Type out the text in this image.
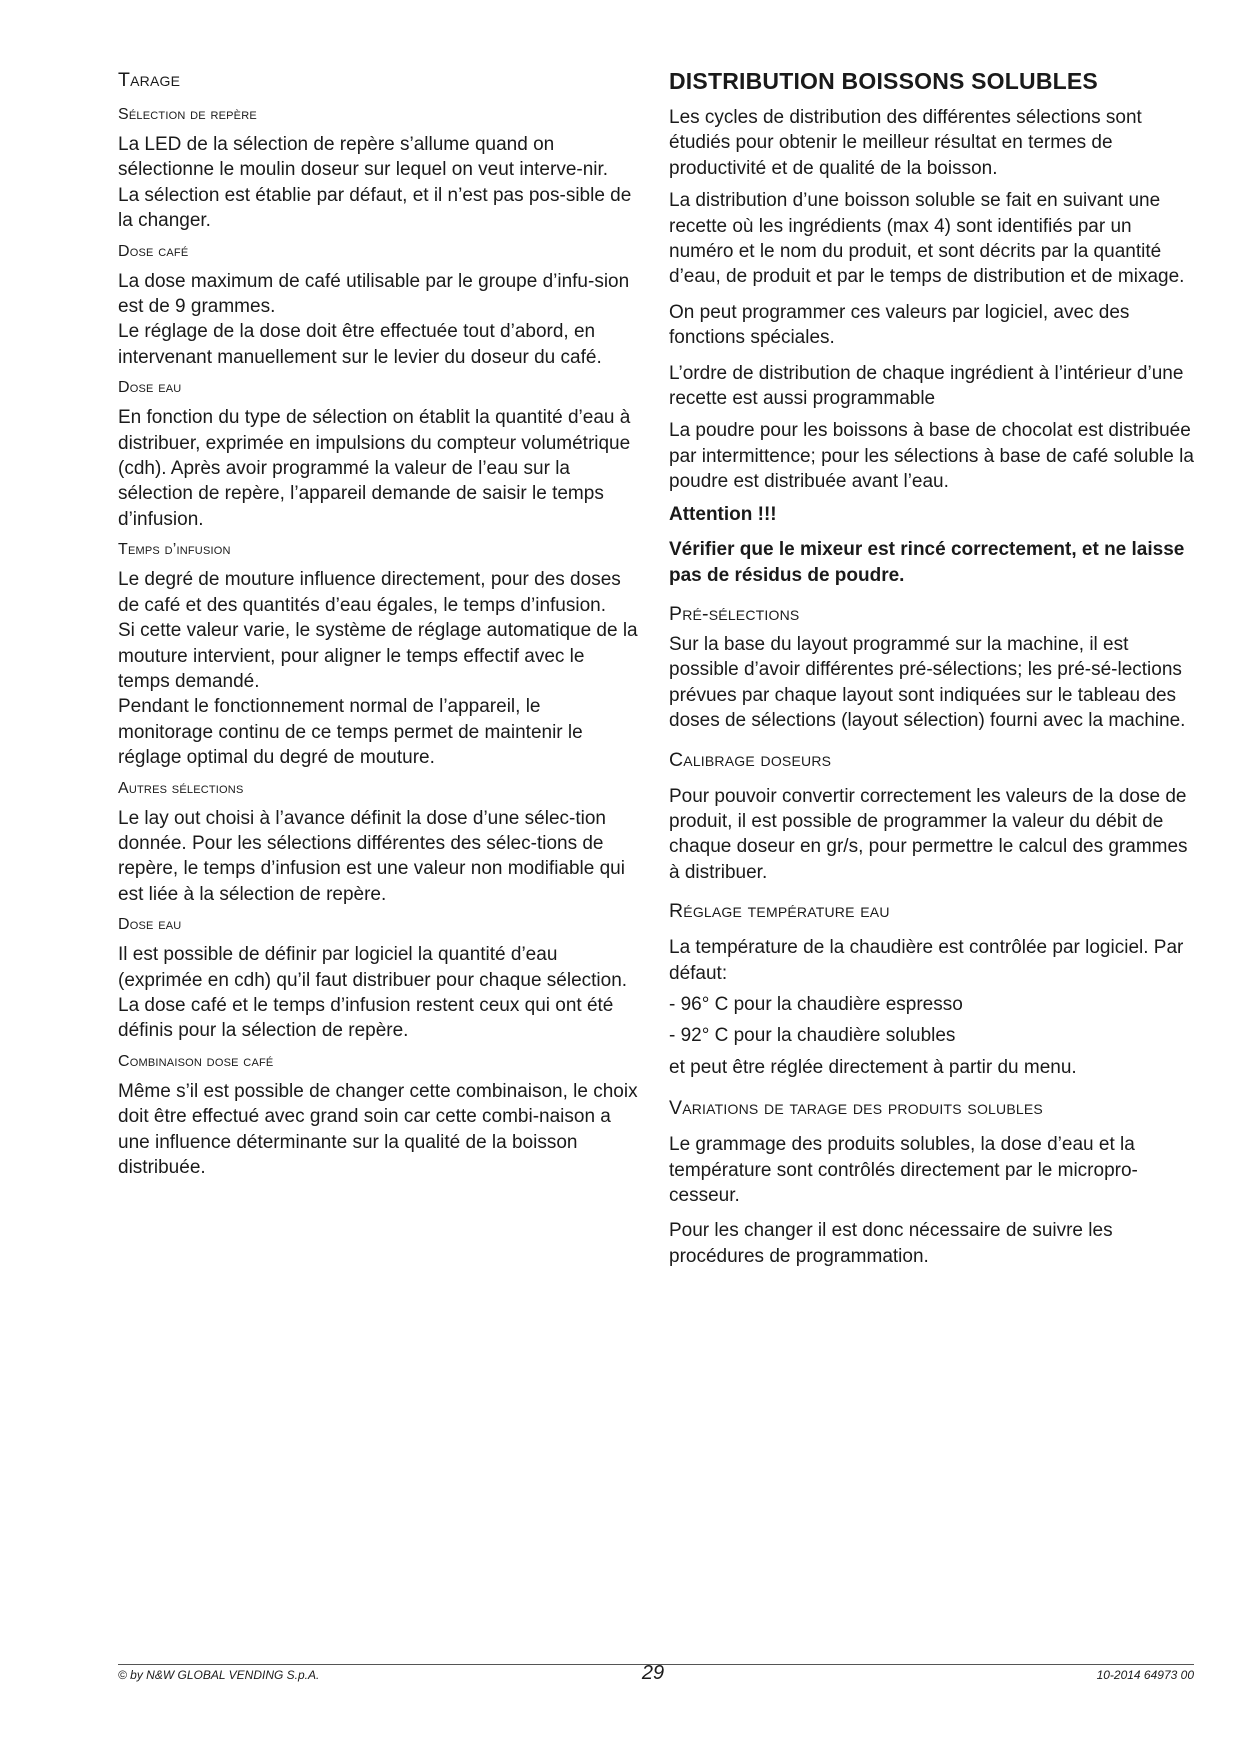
Tarage
Sélection de repère

La LED de la sélection de repère s’allume quand on sélectionne le moulin doseur sur lequel on veut interve-nir.

La sélection est établie par défaut, et il n’est pas pos-sible de la changer.

Dose café

La dose maximum de café utilisable par le groupe d’infu-sion est de 9 grammes.

Le réglage de la dose doit être effectuée tout d’abord, en intervenant manuellement sur le levier du doseur du café.

Dose eau

En fonction du type de sélection on établit la quantité d’eau à distribuer, exprimée en impulsions du compteur volumétrique (cdh). Après avoir programmé la valeur de l’eau sur la sélection de repère, l’appareil demande de saisir le temps d’infusion.

Temps d’infusion

Le degré de mouture influence directement, pour des doses de café et des quantités d’eau égales, le temps d’infusion.

Si cette valeur varie, le système de réglage automatique de la mouture intervient, pour aligner le temps effectif avec le temps demandé.

Pendant le fonctionnement normal de l’appareil, le monitorage continu de ce temps permet de maintenir le réglage optimal du degré de mouture.

Autres sélections

Le lay out choisi à l’avance définit la dose d’une sélec-tion donnée. Pour les sélections différentes des sélec-tions de repère, le temps d’infusion est une valeur non modifiable qui est liée à la sélection de repère.

Dose eau

Il est possible de définir par logiciel la quantité d’eau (exprimée en cdh) qu’il faut distribuer pour chaque sélection. La dose café et le temps d’infusion restent ceux qui ont été définis pour la sélection de repère.

Combinaison dose café

Même s’il est possible de changer cette combinaison, le choix doit être effectué avec grand soin car cette combi-naison a une influence déterminante sur la qualité de la boisson distribuée.

DISTRIBUTION BOISSONS SOLUBLES

Les cycles de distribution des différentes sélections sont étudiés pour obtenir le meilleur résultat en termes de productivité et de qualité de la boisson.

La distribution d’une boisson soluble se fait en suivant une recette où les ingrédients (max 4) sont identifiés par un numéro et le nom du produit, et sont décrits par la quantité d’eau, de produit et par le temps de distribution et de mixage.

On peut programmer ces valeurs par logiciel, avec des fonctions spéciales.

L’ordre de distribution de chaque ingrédient à l’intérieur d’une recette est aussi programmable

La poudre pour les boissons à base de chocolat est distribuée par intermittence; pour les sélections à base de café soluble la poudre est distribuée avant l’eau.

Attention !!!

Vérifier que le mixeur est rincé correctement, et ne laisse pas de résidus de poudre.

Pré-sélections

Sur la base du layout programmé sur la machine, il est possible d’avoir différentes pré-sélections; les pré-sé-lections prévues par chaque layout sont indiquées sur le tableau des doses de sélections (layout sélection) fourni avec la machine.

Calibrage doseurs

Pour pouvoir convertir correctement les valeurs de la dose de produit, il est possible de programmer la valeur du débit de chaque doseur en gr/s, pour permettre le calcul des grammes à distribuer.

Réglage température eau

La température de la chaudière est contrôlée par logiciel. Par défaut:

- 96° C pour la chaudière espresso

- 92° C pour la chaudière solubles

et peut être réglée directement à partir du menu.

Variations de tarage des produits solubles

Le grammage des produits solubles, la dose d’eau et la température sont contrôlés directement par le micropro-cesseur.

Pour les changer il est donc nécessaire de suivre les procédures de programmation.

© by N&W GLOBAL VENDING S.p.A.	29	10-2014 64973 00
